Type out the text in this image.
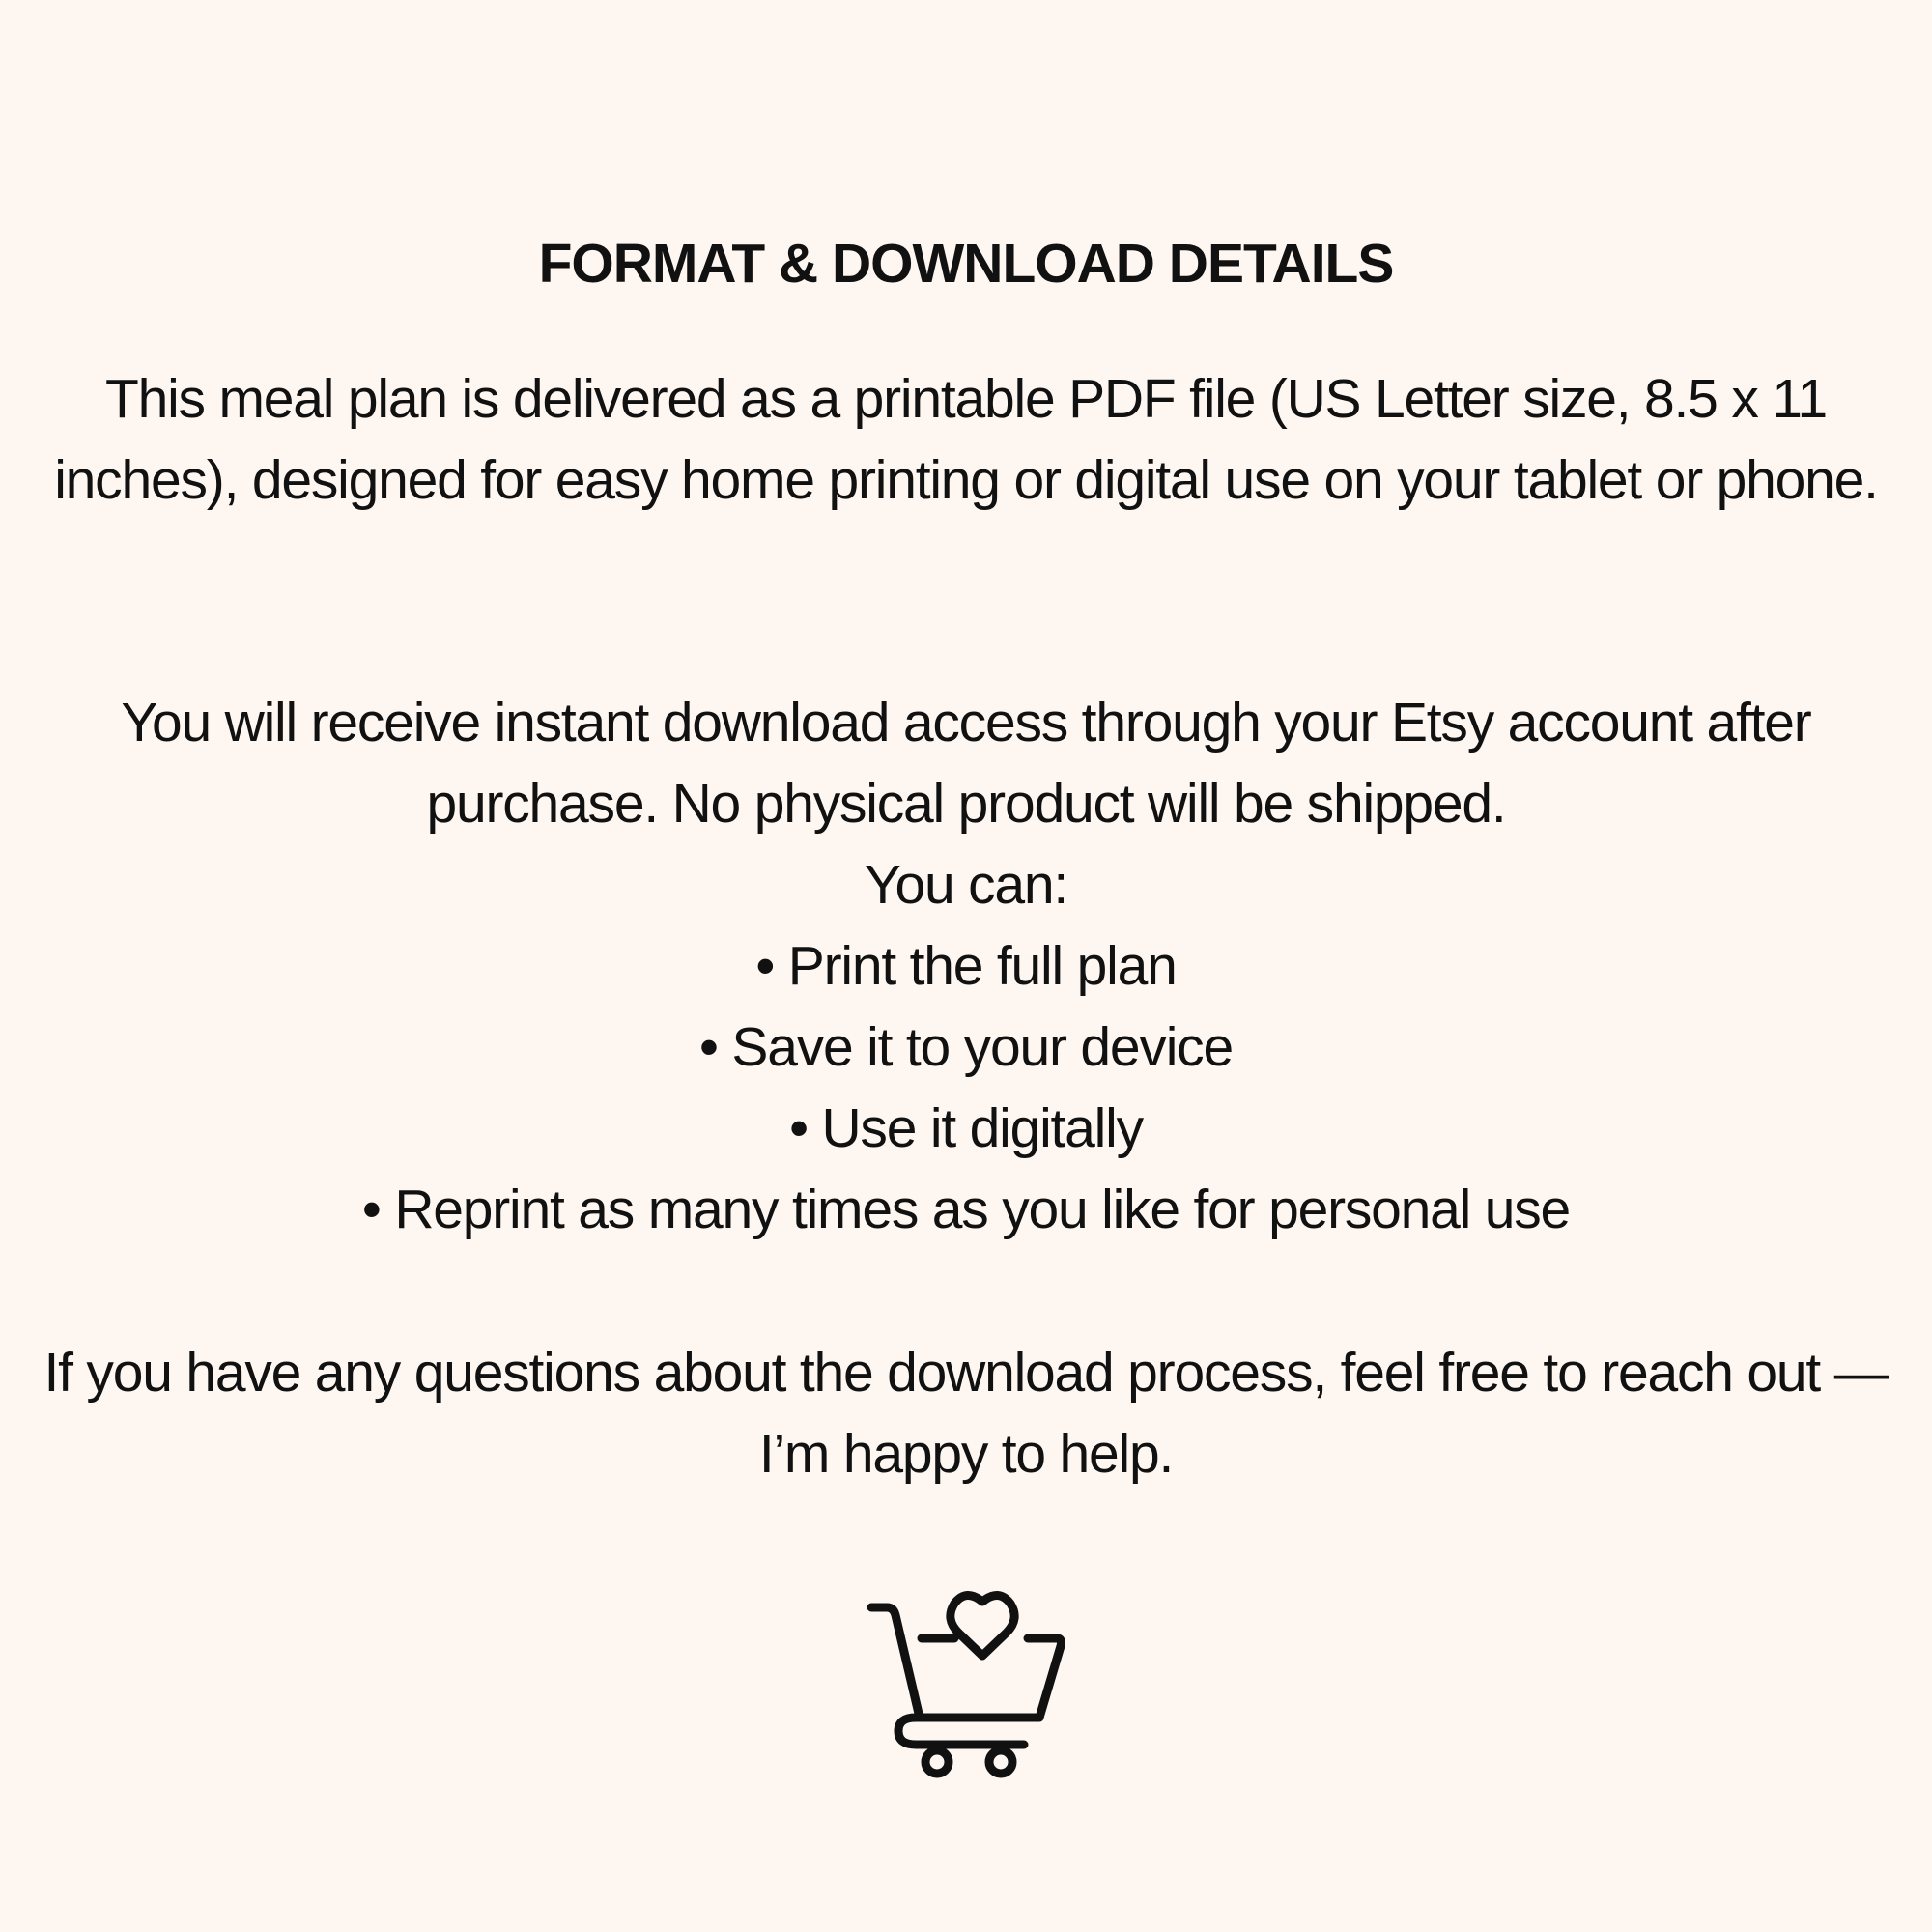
FORMAT & DOWNLOAD DETAILS

This meal plan is delivered as a printable PDF file (US Letter size, 8.5 x 11 inches), designed for easy home printing or digital use on your tablet or phone.

You will receive instant download access through your Etsy account after purchase. No physical product will be shipped.

You can:

• Print the full plan
• Save it to your device
• Use it digitally
• Reprint as many times as you like for personal use

If you have any questions about the download process, feel free to reach out — I’m happy to help.
